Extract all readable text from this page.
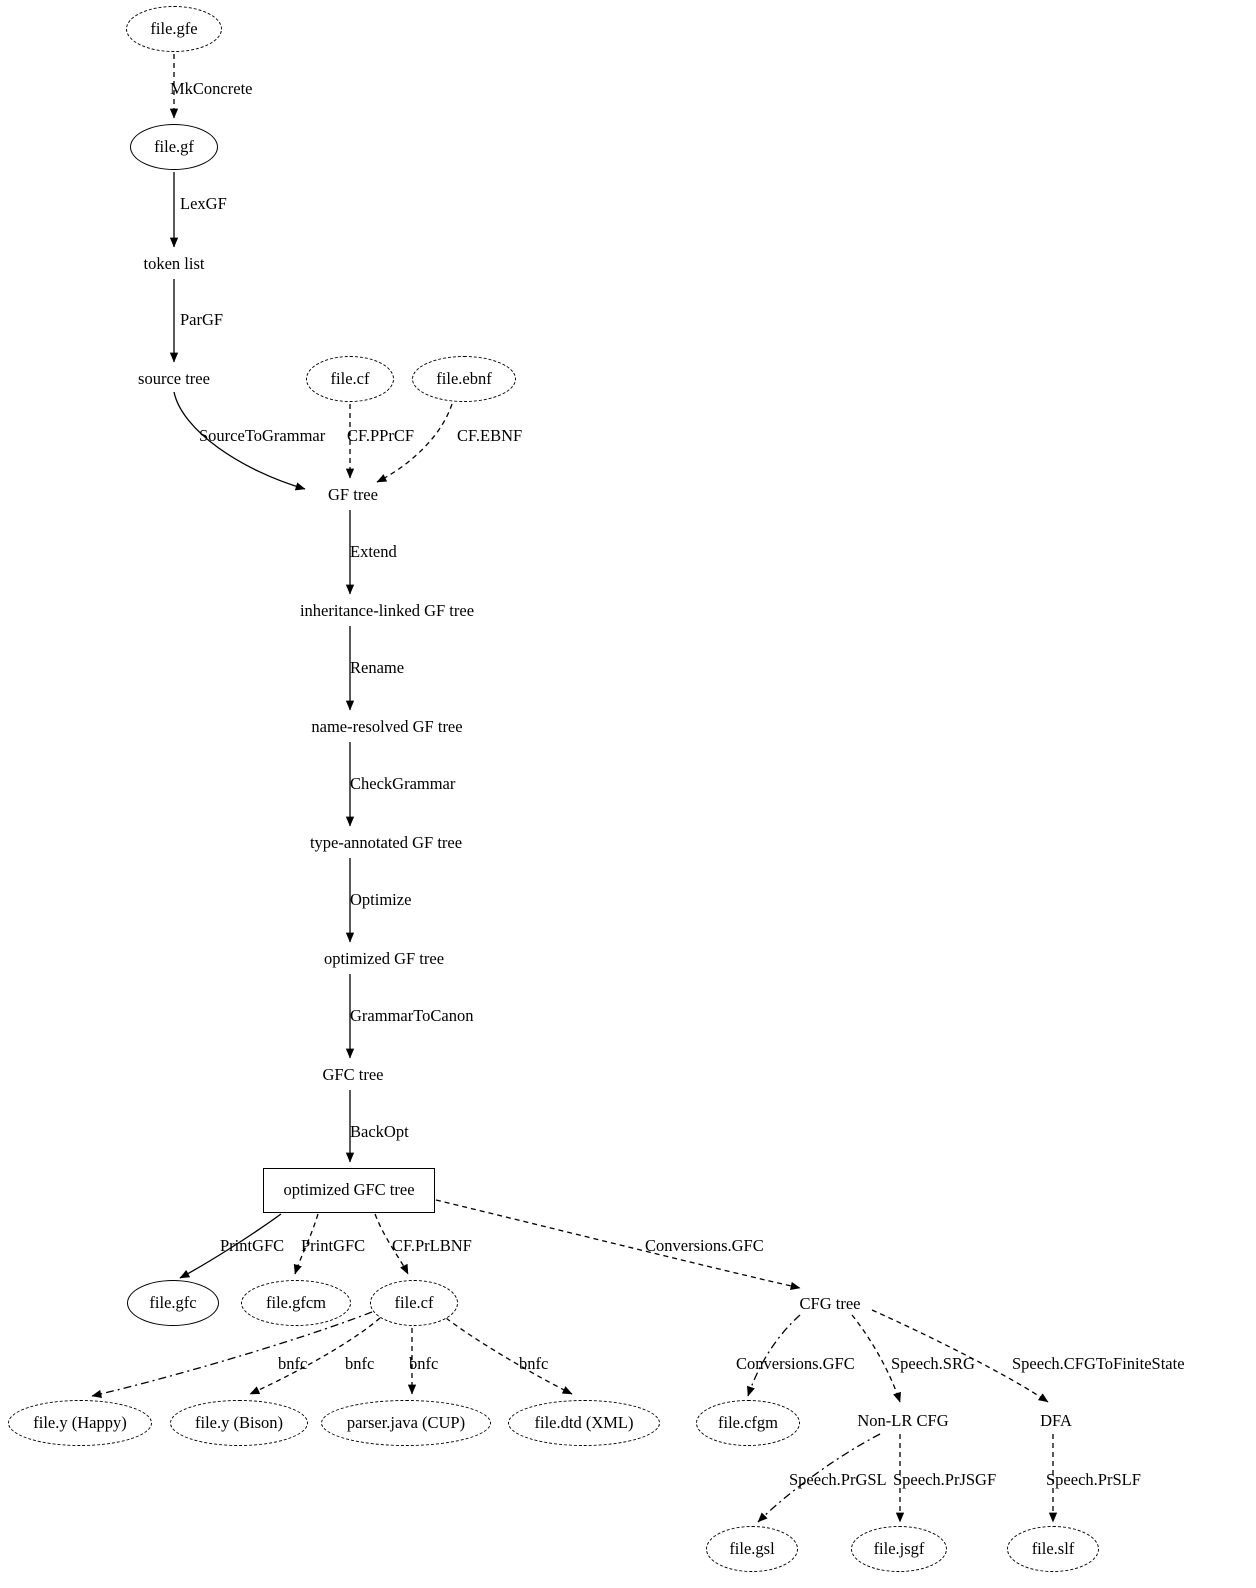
file.gfe
file.gf
token list
source tree	file.cf	file.ebnf
GF tree
inheritance-linked GF tree
name-resolved GF tree
type-annotated GF tree
optimized GF tree
GFC tree
optimized GFC tree
file.gfc	file.gfcm	file.cf	CFG tree
file.y (Happy)	file.y (Bison)	parser.java (CUP)	file.dtd (XML)	file.cfgm	Non-LR CFG	DFA
file.gsl	file.jsgf	file.slf
MkConcrete
LexGF
ParGF
SourceToGrammar CF.PPrCF	CF.EBNF
Extend
Rename
CheckGrammar
Optimize
GrammarToCanon
BackOpt
PrintGFC PrintGFC CF.PrLBNF	Conversions.GFC
bnfc bnfc bnfc	bnfc	Conversions.GFC Speech.SRG Speech.CFGToFiniteState
Speech.PrGSL Speech.PrJSGF	Speech.PrSLF
